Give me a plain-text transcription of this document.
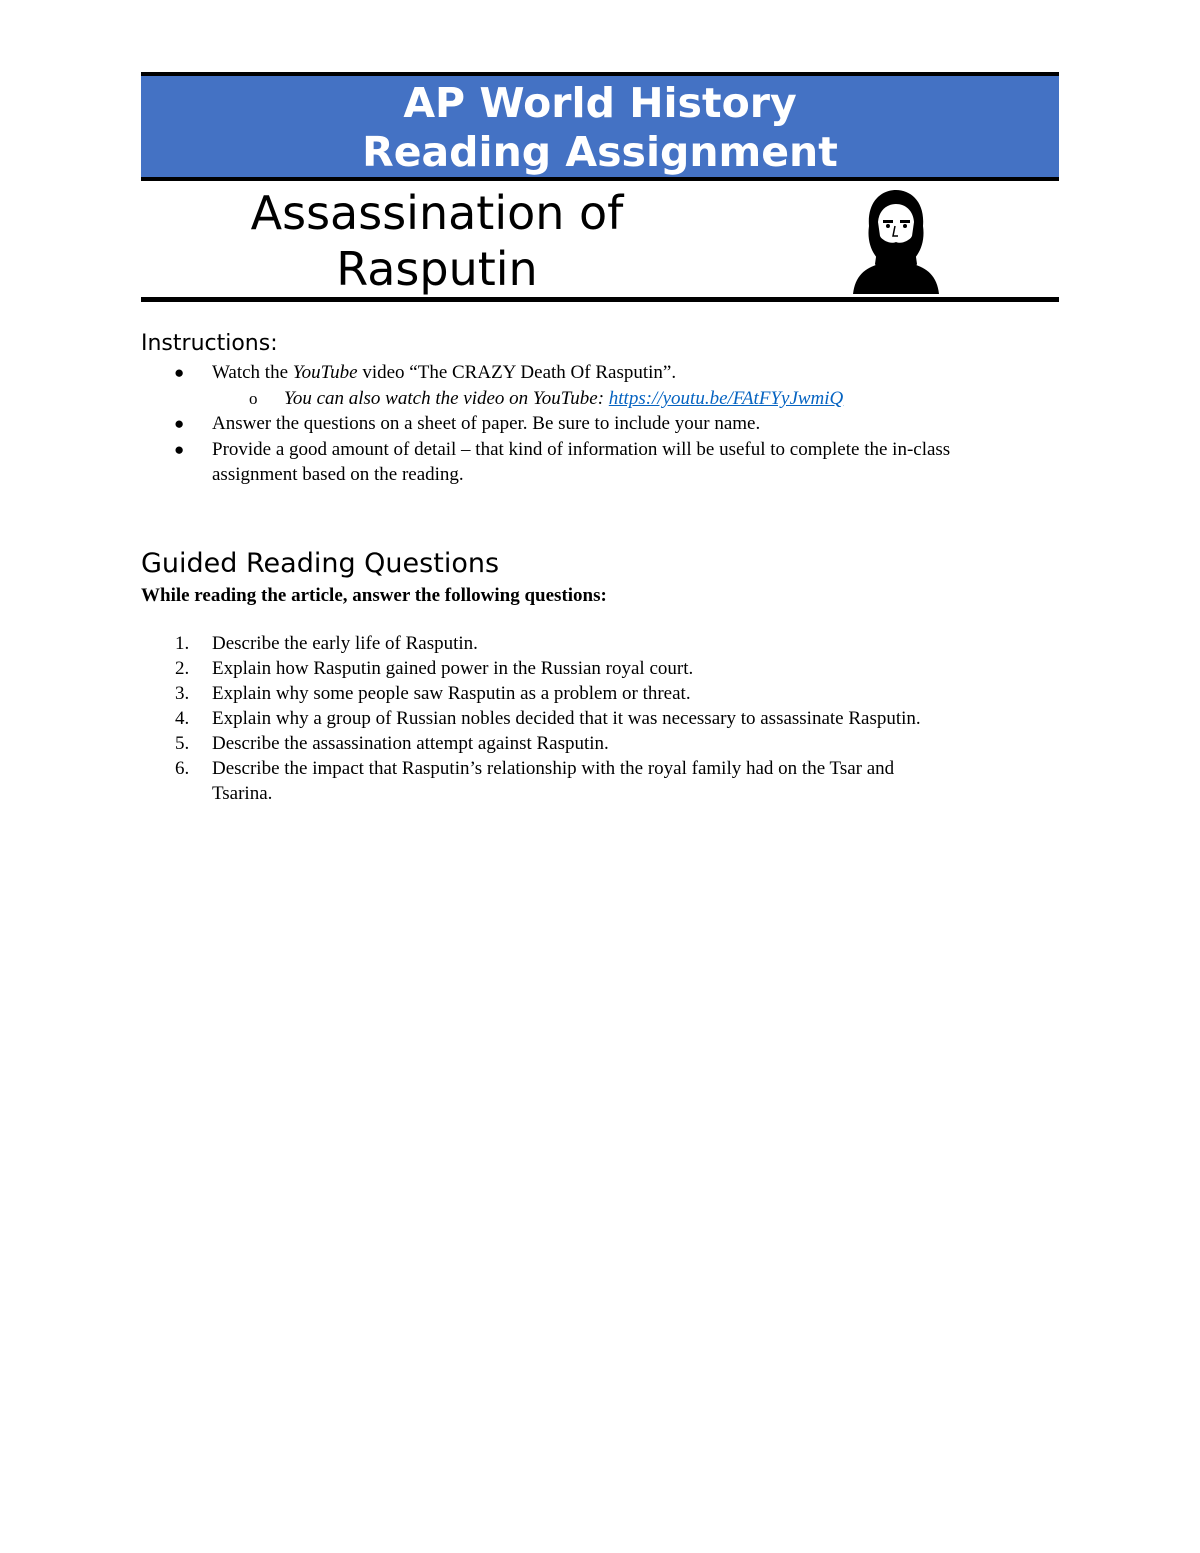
AP World History
Reading Assignment
Assassination of
Rasputin
Instructions:
● Watch the YouTube video “The CRAZY Death Of Rasputin”.
o You can also watch the video on YouTube: https://youtu.be/FAtFYyJwmiQ
● Answer the questions on a sheet of paper. Be sure to include your name.
● Provide a good amount of detail – that kind of information will be useful to complete the in-class
assignment based on the reading.
Guided Reading Questions
While reading the article, answer the following questions:
1. Describe the early life of Rasputin.
2. Explain how Rasputin gained power in the Russian royal court.
3. Explain why some people saw Rasputin as a problem or threat.
4. Explain why a group of Russian nobles decided that it was necessary to assassinate Rasputin.
5. Describe the assassination attempt against Rasputin.
6. Describe the impact that Rasputin’s relationship with the royal family had on the Tsar and
Tsarina.
